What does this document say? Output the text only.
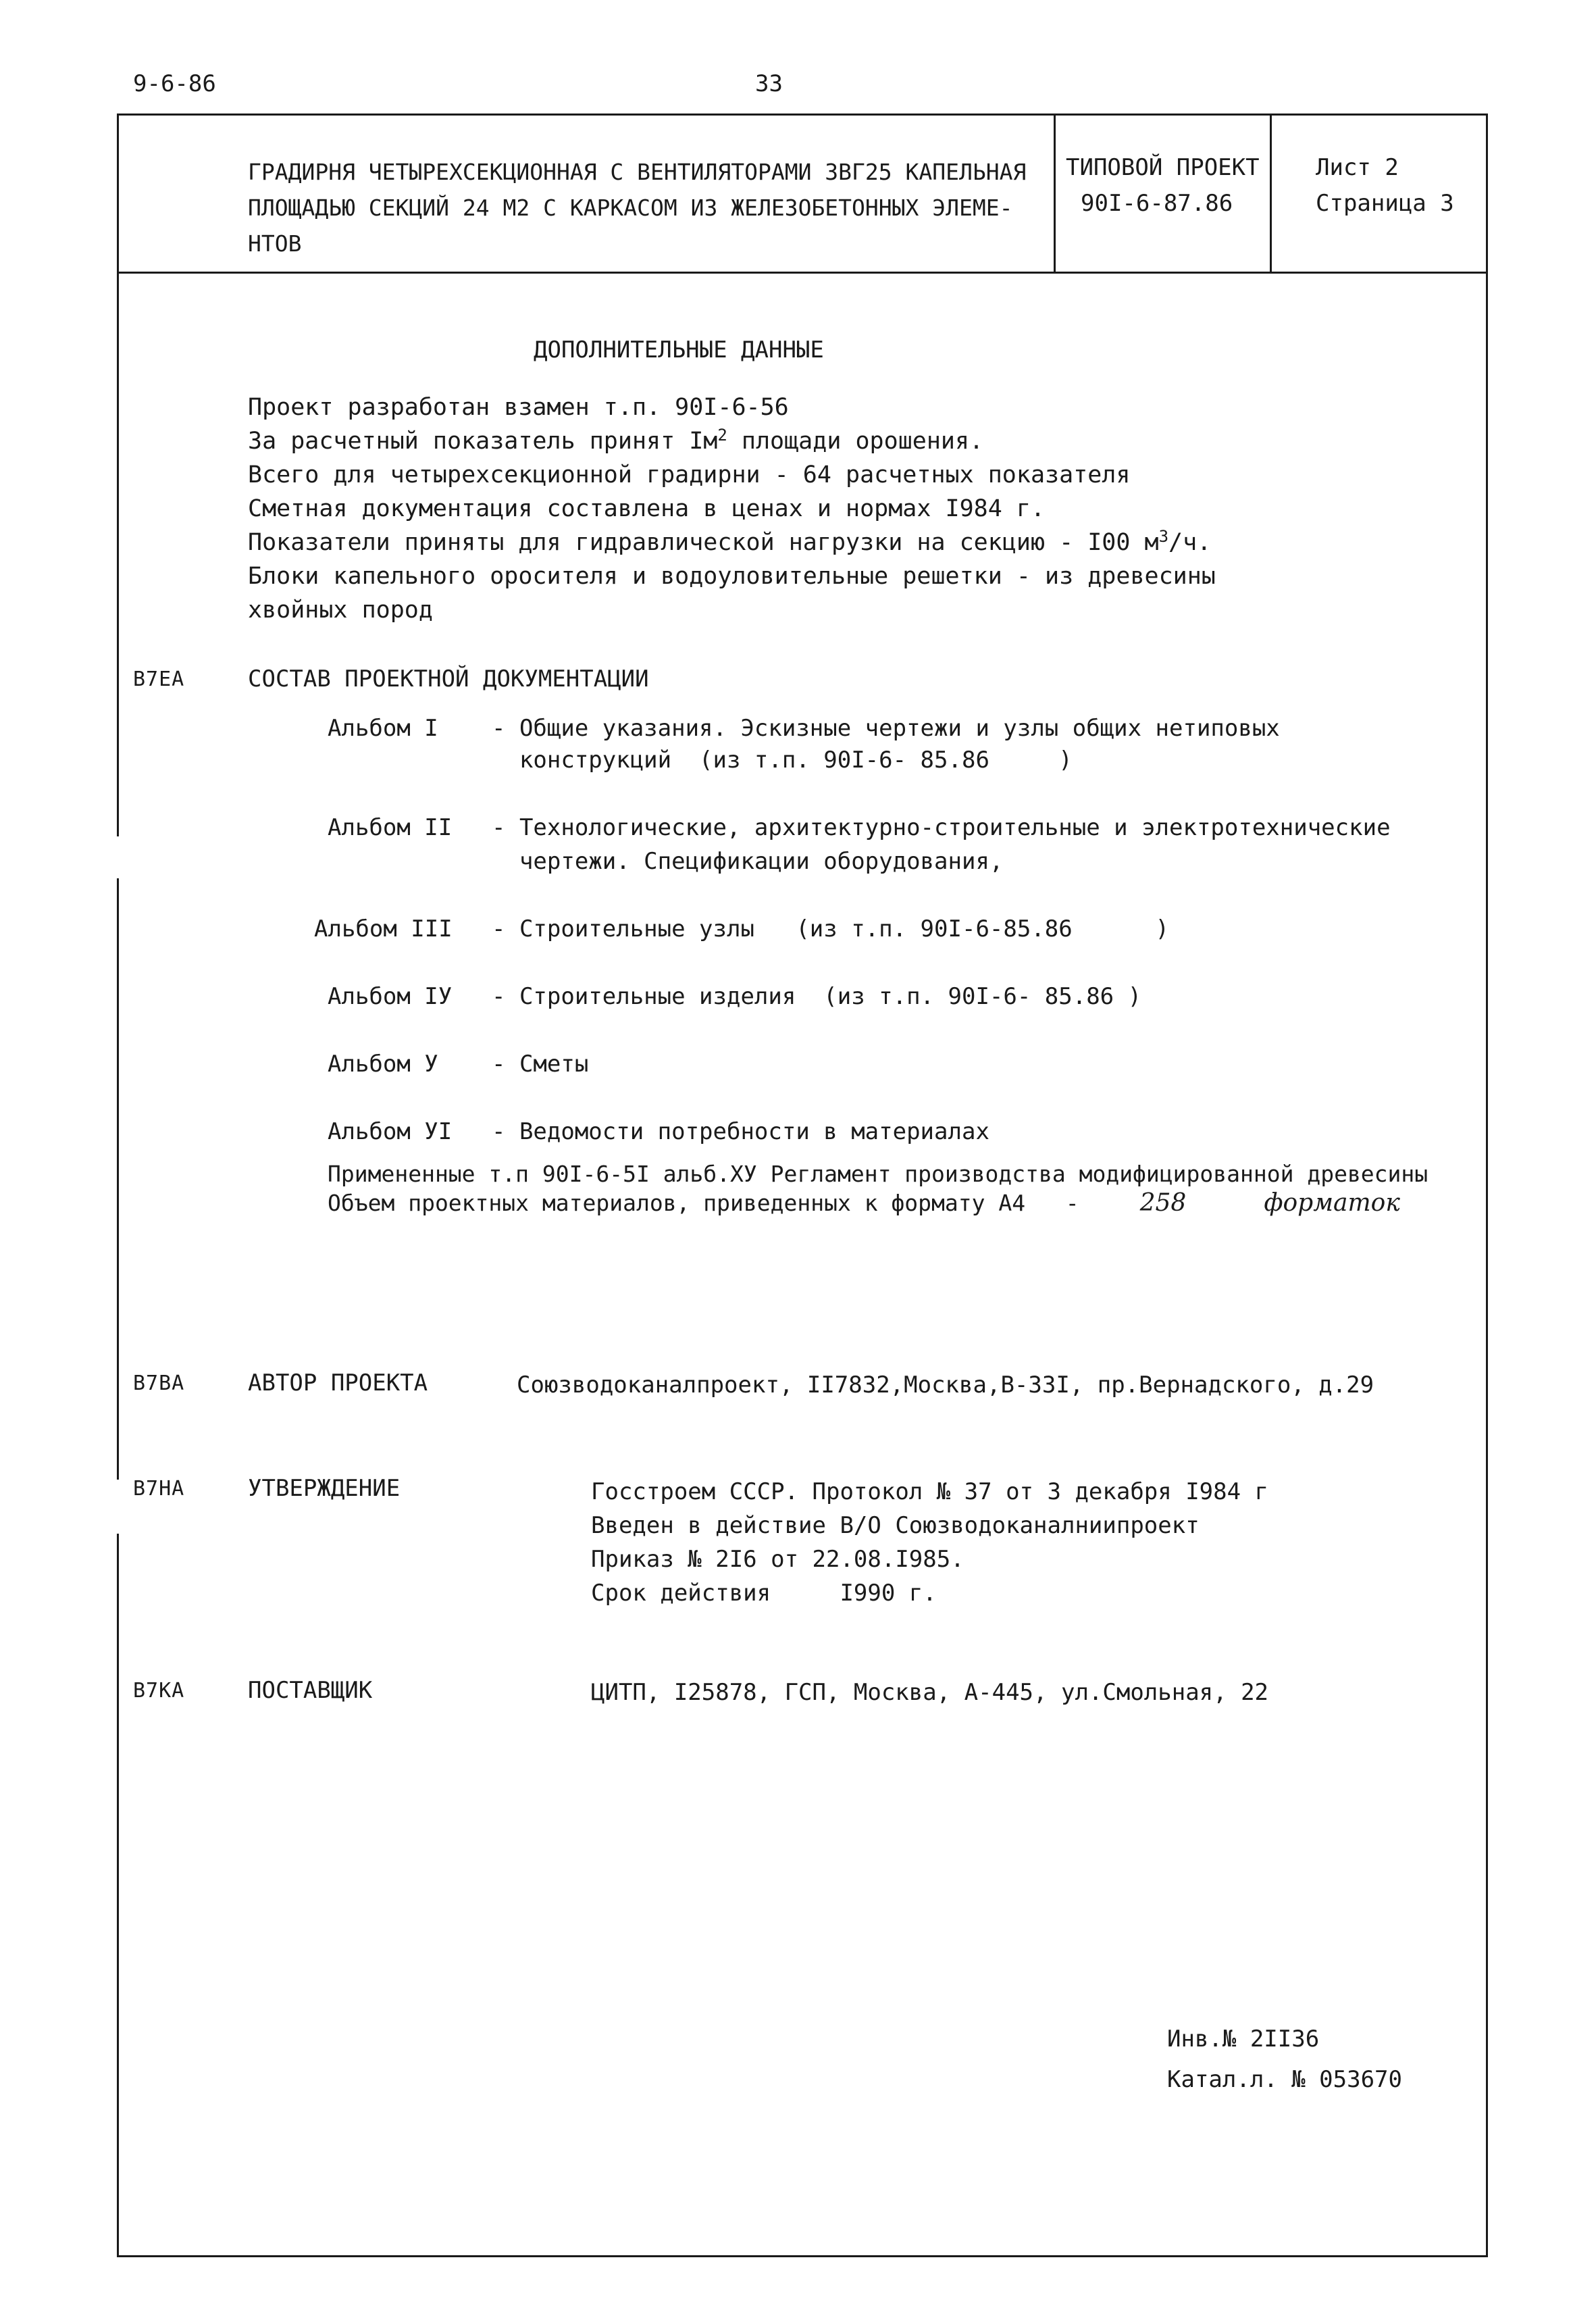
9-6-86	33
ГРАДИРНЯ ЧЕТЫРЕХСЕКЦИОННАЯ С ВЕНТИЛЯТОРАМИ 3ВГ25 КАПЕЛЬНАЯ
ПЛОЩАДЬЮ СЕКЦИЙ 24 М2 С КАРКАСОМ ИЗ ЖЕЛЕЗОБЕТОННЫХ ЭЛЕМЕ-
НТОВ
ТИПОВОЙ ПРОЕКТ
90I-6-87.86
Лист 2
Страница 3
ДОПОЛНИТЕЛЬНЫЕ ДАННЫЕ
Проект разработан взамен т.п. 90I-6-56
За расчетный показатель принят $Iм^2$ площади орошения.
Всего для четырехсекционной градирни - 64 расчетных показателя
Сметная документация составлена в ценах и нормах I984 г.
Показатели приняты для гидравлической нагрузки на секцию - I00 $м^3/ч$.
Блоки капельного оросителя и водоуловительные решетки - из древесины
хвойных пород
В7ЕА	СОСТАВ ПРОЕКТНОЙ ДОКУМЕНТАЦИИ
Альбом I - Общие указания. Эскизные чертежи и узлы общих нетиповых
конструкций  (из т.п. 90I-6- 85.86     )
Альбом II - Технологические, архитектурно-строительные и электротехнические
чертежи. Спецификации оборудования,
Альбом III - Строительные узлы   (из т.п. 90I-6-85.86      )
Альбом IУ - Строительные изделия  (из т.п. 90I-6- 85.86 )
Альбом У - Сметы
Альбом УI - Ведомости потребности в материалах
Примененные т.п 90I-6-5I альб.ХУ Регламент производства модифицированной древесины
Объем проектных материалов, приведенных к формату А4   -	258	форматок
В7ВА	АВТОР ПРОЕКТА	Союзводоканалпроект, II7832,Москва,В-33I, пр.Вернадского, д.29
В7НА	УТВЕРЖДЕНИЕ	Госстроем СССР. Протокол № 37 от 3 декабря I984 г
Введен в действие В/О Союзводоканалниипроект
Приказ № 2I6 от 22.08.I985.
Срок действия     I990 г.
В7КА	ПОСТАВЩИК	ЦИТП, I25878, ГСП, Москва, А-445, ул.Смольная, 22
Инв.№ 2II36
Катал.л. № 053670
